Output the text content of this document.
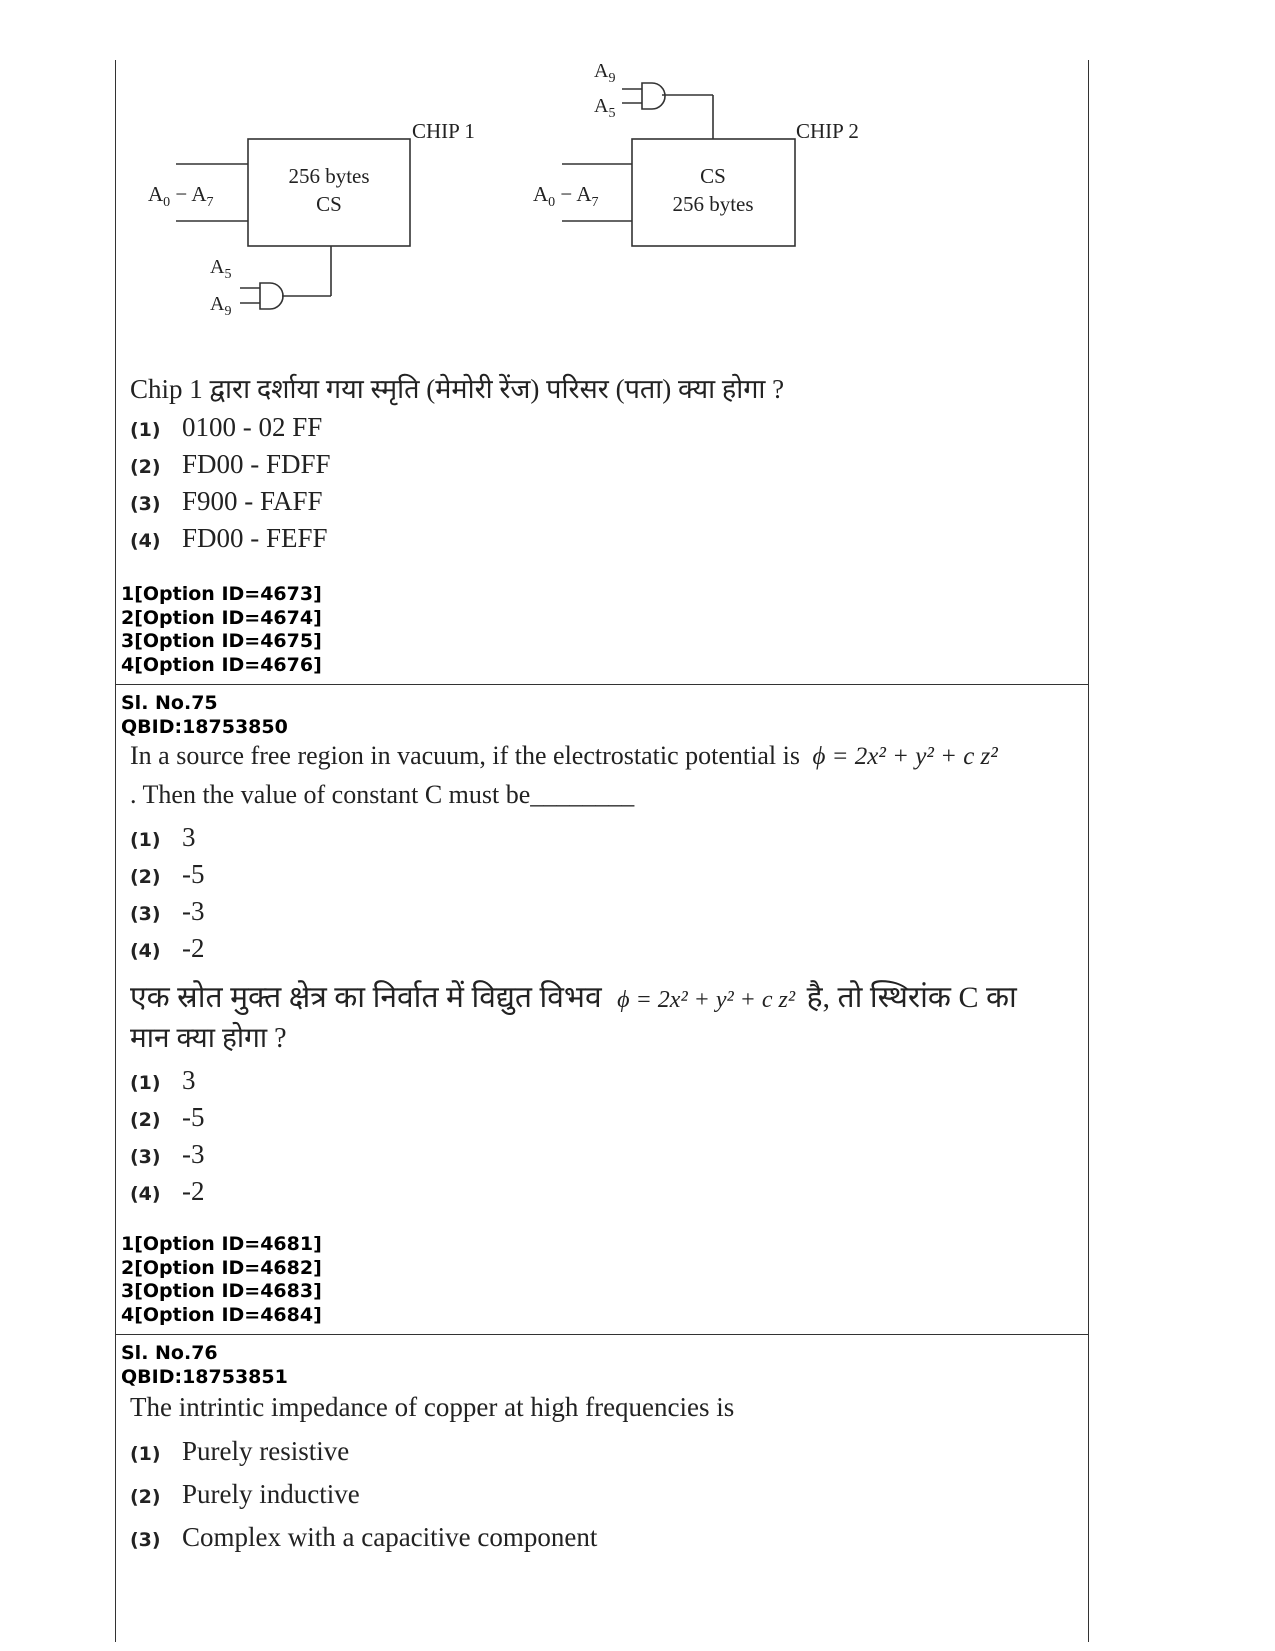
CHIP 1	CHIP 2
256 bytes
CS
CS
256 bytes
$A_0 - A_7$	$A_0 - A_7$
$A_5$
$A_9$
$A_9$
$A_5$
Chip 1 द्वारा दर्शाया गया स्मृति (मेमोरी रेंज) परिसर (पता) क्या होगा ?
(1) 0100 - 02 FF
(2) FD00 - FDFF
(3) F900 - FAFF
(4) FD00 - FEFF
1[Option ID=4673]
2[Option ID=4674]
3[Option ID=4675]
4[Option ID=4676]
Sl. No.75
QBID:18753850
In a source free region in vacuum, if the electrostatic potential is ϕ = 2x² + y² + c z²
. Then the value of constant C must be________
(1) 3
(2) -5
(3) -3
(4) -2
एक स्रोत मुक्त क्षेत्र का निर्वात में विद्युत विभव ϕ = 2x² + y² + c z² है, तो स्थिरांक C का
मान क्या होगा ?
(1) 3
(2) -5
(3) -3
(4) -2
1[Option ID=4681]
2[Option ID=4682]
3[Option ID=4683]
4[Option ID=4684]
Sl. No.76
QBID:18753851
The intrintic impedance of copper at high frequencies is
(1) Purely resistive
(2) Purely inductive
(3) Complex with a capacitive component
